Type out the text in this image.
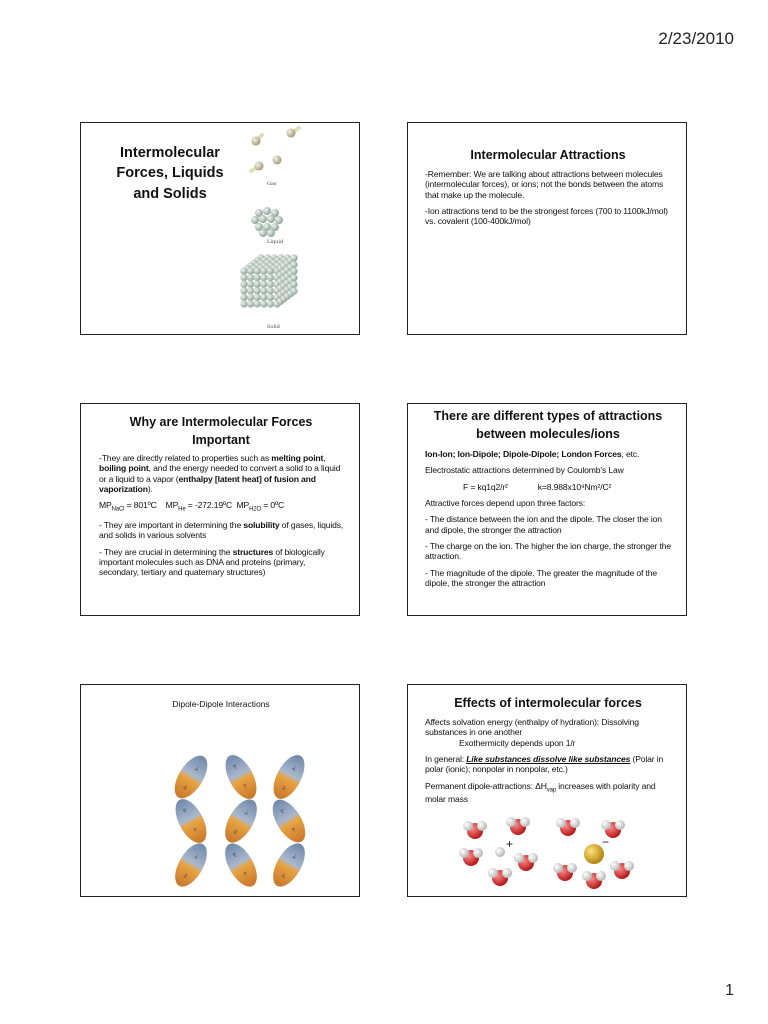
2/23/2010
Intermolecular Forces, Liquids and Solids
Gas
Liquid
Solid
Intermolecular Attractions

-Remember: We are talking about attractions between molecules (intermolecular forces), or ions; not the bonds between the atoms that make up the molecule.

-Ion attractions tend to be the strongest forces (700 to 1100kJ/mol) vs. covalent (100-400kJ/mol)

Why are Intermolecular Forces Important

-They are directly related to properties such as melting point, boiling point, and the energy needed to convert a solid to a liquid or a liquid to a vapor (enthalpy [latent heat] of fusion and vaporization).

$MP_{NaCl}$ = 801ºC $MP_{He}$ = -272.19ºC $MP_{H2O}$ = 0ºC

- They are important in determining the solubility of gases, liquids, and solids in various solvents

- They are crucial in determining the structures of biologically important molecules such as DNA and proteins (primary, secondary, tertiary and quaternary structures)

There are different types of attractions between molecules/ions

Ion-Ion; Ion-Dipole; Dipole-Dipole; London Forces, etc.

Electrostatic attractions determined by Coulomb’s Law

F = kq1q2/r²	k=8.988x10⁹Nm²/C²

Attractive forces depend upon three factors:

- The distance between the ion and the dipole. The closer the ion and dipole, the stronger the attraction

- The charge on the ion. The higher the ion charge, the stronger the attraction.

- The magnitude of the dipole. The greater the magnitude of the dipole, the stronger the attraction

Dipole-Dipole Interactions
δ+
δ−	δ+
δ−	δ+
δ−
δ+
δ−	δ+
δ−	δ+
δ−
δ+
δ−	δ+
δ−	δ+
δ−
Effects of intermolecular forces

Affects solvation energy (enthalpy of hydration): Dissolving substances in one another
Exothermicity depends upon 1/r

In general: Like substances dissolve like substances (Polar in polar (ionic); nonpolar in nonpolar, etc.)

Permanent dipole-attractions: $\Delta H_{vap}$ increases with polarity and molar mass

+	−
1
